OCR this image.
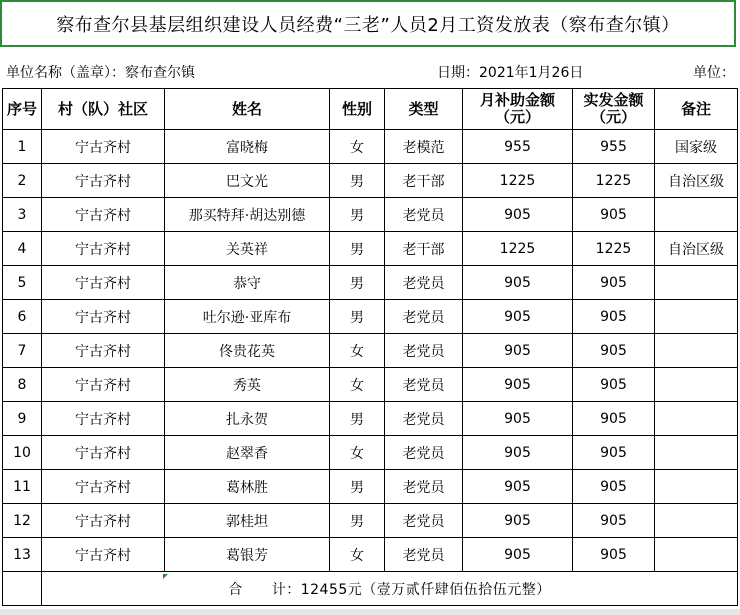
察布查尔县基层组织建设人员经费“三老”人员2月工资发放表（察布查尔镇）
单位名称（盖章）：察布查尔镇	日期：2021年1月26日	单位：
序号	村（队）社区	姓名	性别	类型	月补助金额（元）	实发金额（元）	备注
1	宁古齐村	富晓梅	女	老模范	955	955	国家级
2	宁古齐村	巴文光	男	老干部	1225	1225	自治区级
3	宁古齐村	那买特拜·胡达别德	男	老党员	905	905	
4	宁古齐村	关英祥	男	老干部	1225	1225	自治区级
5	宁古齐村	恭守	男	老党员	905	905	
6	宁古齐村	吐尔逊·亚库布	男	老党员	905	905	
7	宁古齐村	佟贵花英	女	老党员	905	905	
8	宁古齐村	秀英	女	老党员	905	905	
9	宁古齐村	扎永贺	男	老党员	905	905	
10	宁古齐村	赵翠香	女	老党员	905	905	
11	宁古齐村	葛林胜	男	老党员	905	905	
12	宁古齐村	郭桂坦	男	老党员	905	905	
13	宁古齐村	葛银芳	女	老党员	905	905	
	合　　计：12455元（壹万贰仟肆佰伍拾伍元整）						
